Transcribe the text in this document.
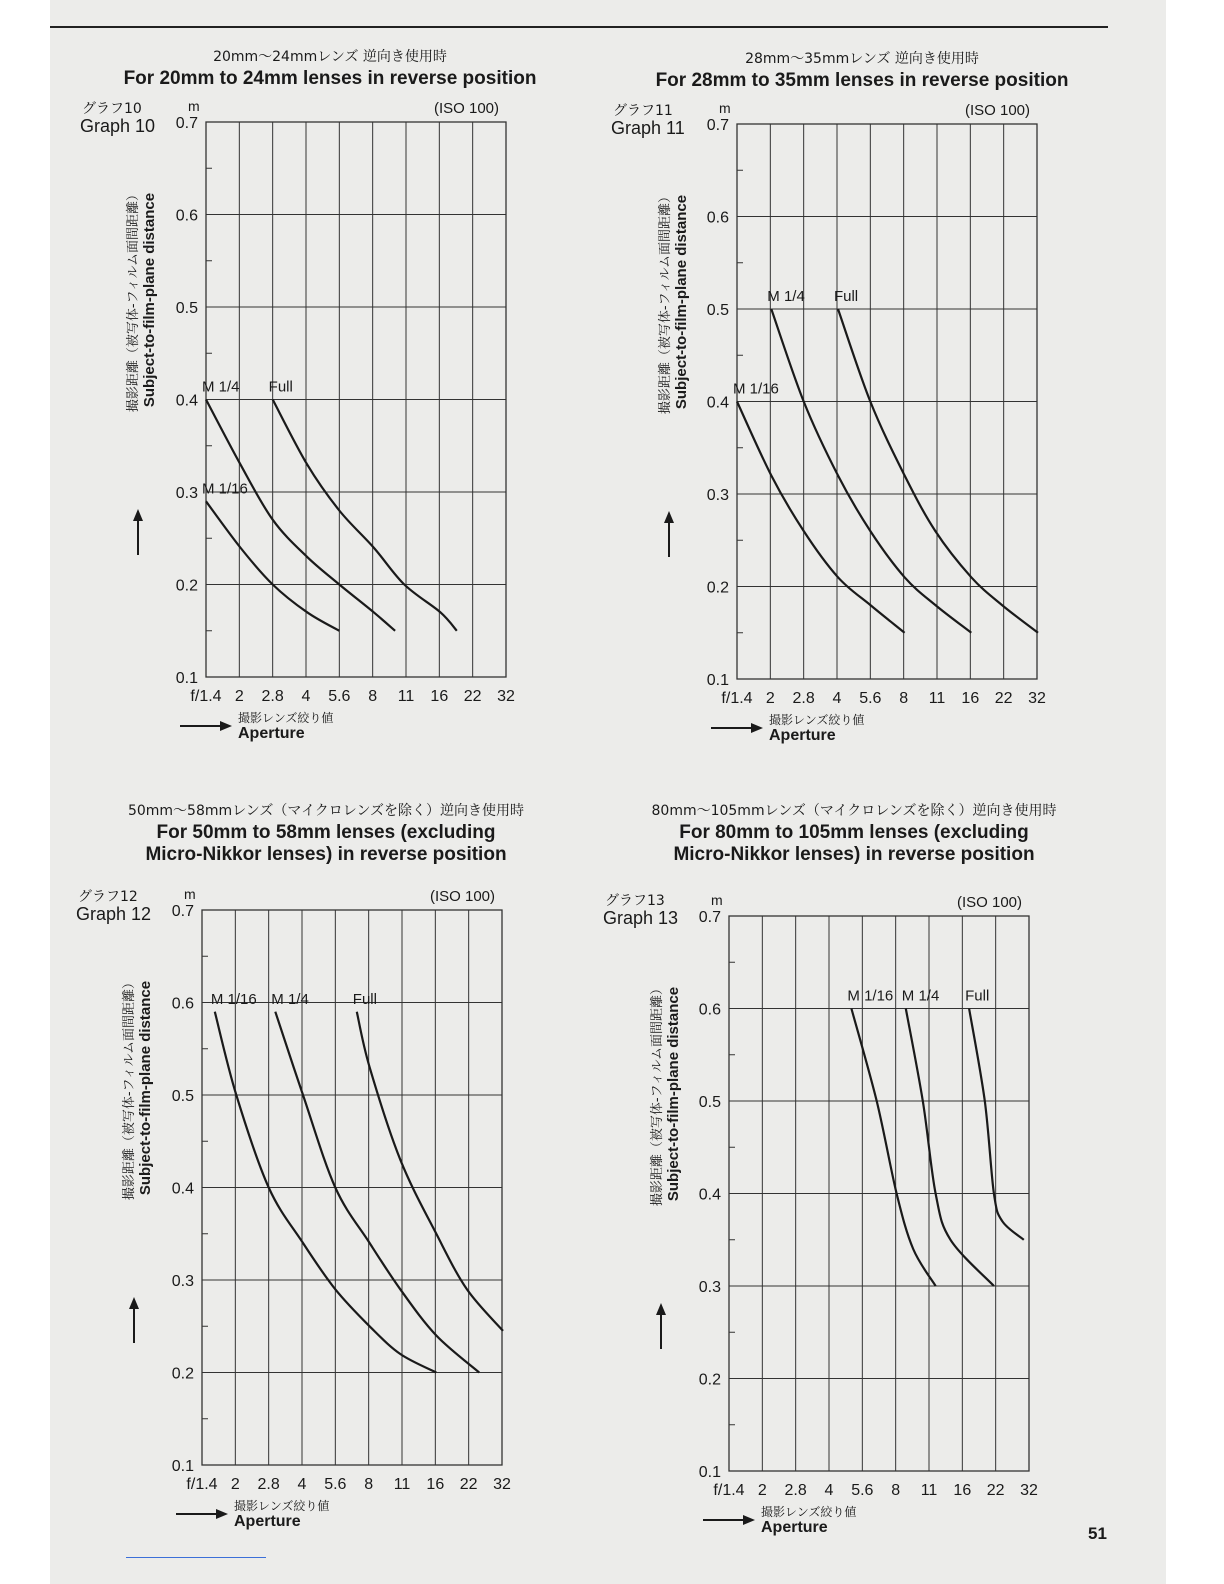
20mm～24mmレンズ 逆向き使用時
For 20mm to 24mm lenses in reverse position
グラフ10
Graph 10
m	(ISO 100)
撮影距離（被写体-フィルム面間距離） Subject-to-film-plane distance
撮影レンズ絞り値
Aperture
0.1
0.2
0.3
0.4
0.5
0.6
0.7
f/1.4 2 2.8 4 5.6 8 11 16 22 32
M 1/16
M 1/4 Full
28mm～35mmレンズ 逆向き使用時
For 28mm to 35mm lenses in reverse position
グラフ11
Graph 11
m	(ISO 100)
撮影距離（被写体-フィルム面間距離） Subject-to-film-plane distance
撮影レンズ絞り値
Aperture
0.1
0.2
0.3
0.4
0.5
0.6
0.7
f/1.4 2 2.8 4 5.6 8 11 16 22 32
M 1/16
M 1/4 Full
50mm～58mmレンズ（マイクロレンズを除く）逆向き使用時
For 50mm to 58mm lenses (excluding
Micro-Nikkor lenses) in reverse position
グラフ12
Graph 12
m	(ISO 100)
撮影距離（被写体-フィルム面間距離） Subject-to-film-plane distance
撮影レンズ絞り値
Aperture
0.1
0.2
0.3
0.4
0.5
0.6
0.7
f/1.4 2 2.8 4 5.6 8 11 16 22 32
M 1/16 M 1/4	Full
80mm～105mmレンズ（マイクロレンズを除く）逆向き使用時
For 80mm to 105mm lenses (excluding
Micro-Nikkor lenses) in reverse position
グラフ13
Graph 13
m	(ISO 100)
撮影距離（被写体-フィルム面間距離） Subject-to-film-plane distance
撮影レンズ絞り値
Aperture
0.1
0.2
0.3
0.4
0.5
0.6
0.7
f/1.4 2 2.8 4 5.6 8 11 16 22 32
M 1/16 M 1/4 Full
51
